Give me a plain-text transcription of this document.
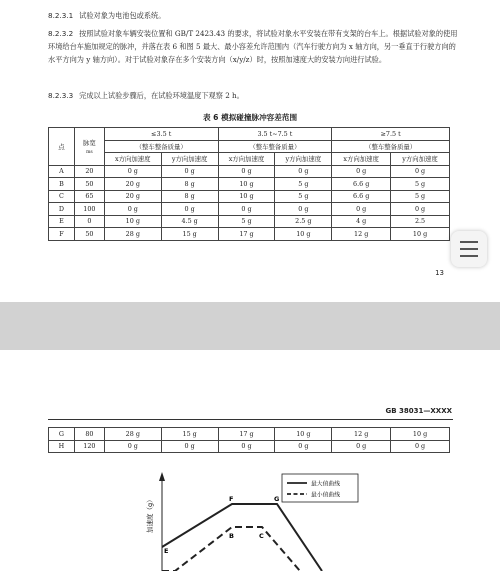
8.2.3.1 试验对象为电池包或系统。
8.2.3.2 按照试验对象车辆安装位置和 GB/T 2423.43 的要求，将试验对象水平安装在带有支架的台车上。根据试验对象的使用环境给台车施加规定的脉冲，并落在表 6 和图 5 最大、最小容差允许范围内（汽车行驶方向为 x 轴方向，另一垂直于行驶方向的水平方向为 y 轴方向）。对于试验对象存在多个安装方向（x/y/z）时，按照加速度大的安装方向进行试验。
8.2.3.3 完成以上试验步骤后，在试验环境温度下观察 2 h。
表 6 模拟碰撞脉冲容差范围
点	脉宽
ms	≤3.5 t		3.5 t~7.5 t		≥7.5 t	
		（整车整备质量）		（整车整备质量）		（整车整备质量）	
		x方向加速度	y方向加速度	x方向加速度	y方向加速度	x方向加速度	y方向加速度
A	20	0 g	0 g	0 g	0 g	0 g	0 g
B	50	20 g	8 g	10 g	5 g	6.6 g	5 g
C	65	20 g	8 g	10 g	5 g	6.6 g	5 g
D	100	0 g	0 g	0 g	0 g	0 g	0 g
E	0	10 g	4.5 g	5 g	2.5 g	4 g	2.5
F	50	28 g	15 g	17 g	10 g	12 g	10 g
13
GB 38031—XXXX
G	80	28 g	15 g	17 g	10 g	12 g	10 g
H	120	0 g	0 g	0 g	0 g	0 g	0 g
加速度（g）
E
F	G
B	C
最大值曲线
最小值曲线
